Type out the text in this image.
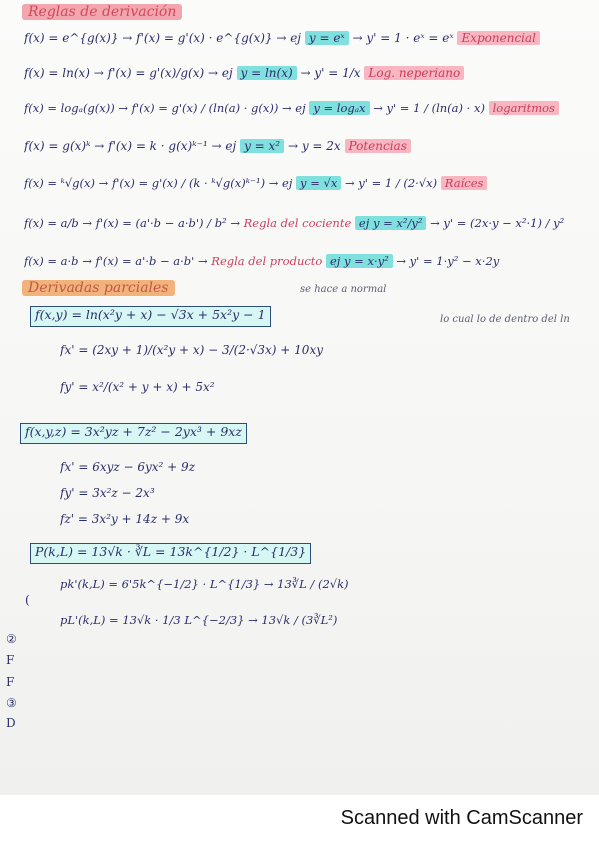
Reglas de derivación
f(x) = e^{g(x)} → f'(x) = g'(x) · e^{g(x)} → ej y = eˣ → y' = 1 · eˣ = eˣ Exponencial
f(x) = ln(x) → f'(x) = g'(x)/g(x) → ej y = ln(x) → y' = 1/x Log. neperiano
f(x) = logₐ(g(x)) → f'(x) = g'(x) / (ln(a) · g(x)) → ej y = logₐx → y' = 1 / (ln(a) · x) logaritmos
f(x) = g(x)ᵏ → f'(x) = k · g(x)ᵏ⁻¹ → ej y = x² → y = 2x Potencias
f(x) = ᵏ√g(x) → f'(x) = g'(x) / (k · ᵏ√g(x)ᵏ⁻¹) → ej y = √x → y' = 1 / (2·√x) Raíces
f(x) = a/b → f'(x) = (a'·b − a·b') / b² → Regla del cociente ej y = x²/y² → y' = (2x·y − x²·1) / y²
f(x) = a·b → f'(x) = a'·b − a·b' → Regla del producto ej y = x·y² → y' = 1·y² − x·2y
Derivadas parciales	se hace a normal
lo cual lo de dentro del ln
f(x,y) = ln(x²y + x) − √3x + 5x²y − 1
fx' = (2xy + 1)/(x²y + x) − 3/(2·√3x) + 10xy
fy' = x²/(x² + y + x) + 5x²
f(x,y,z) = 3x²yz + 7z² − 2yx³ + 9xz
fx' = 6xyz − 6yx² + 9z
fy' = 3x²z − 2x³
fz' = 3x²y + 14z + 9x
P(k,L) = 13√k · ∛L = 13k^{1/2} · L^{1/3}
pk'(k,L) = 6'5k^{−1/2} · L^{1/3} → 13∛L / (2√k)
pL'(k,L) = 13√k · 1/3 L^{−2/3} → 13√k / (3∛L²)
(
②
F
F
③
D
Scanned with CamScanner
